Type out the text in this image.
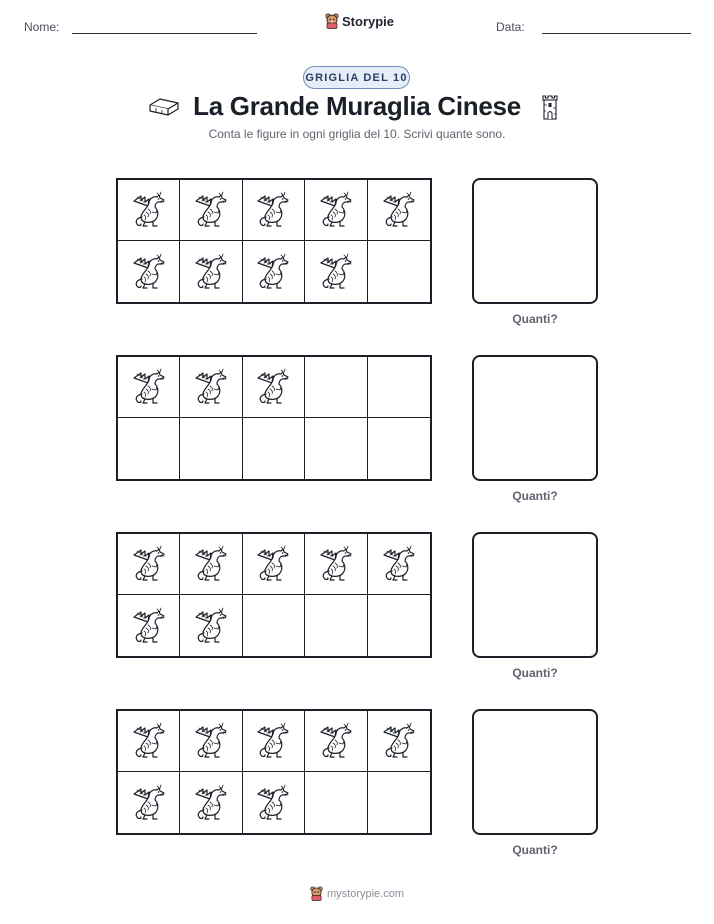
Nome:	Storypie	Data:
GRIGLIA DEL 10
La Grande Muraglia Cinese
Conta le figure in ogni griglia del 10. Scrivi quante sono.
Quanti?
Quanti?
Quanti?
Quanti?
mystorypie.com
